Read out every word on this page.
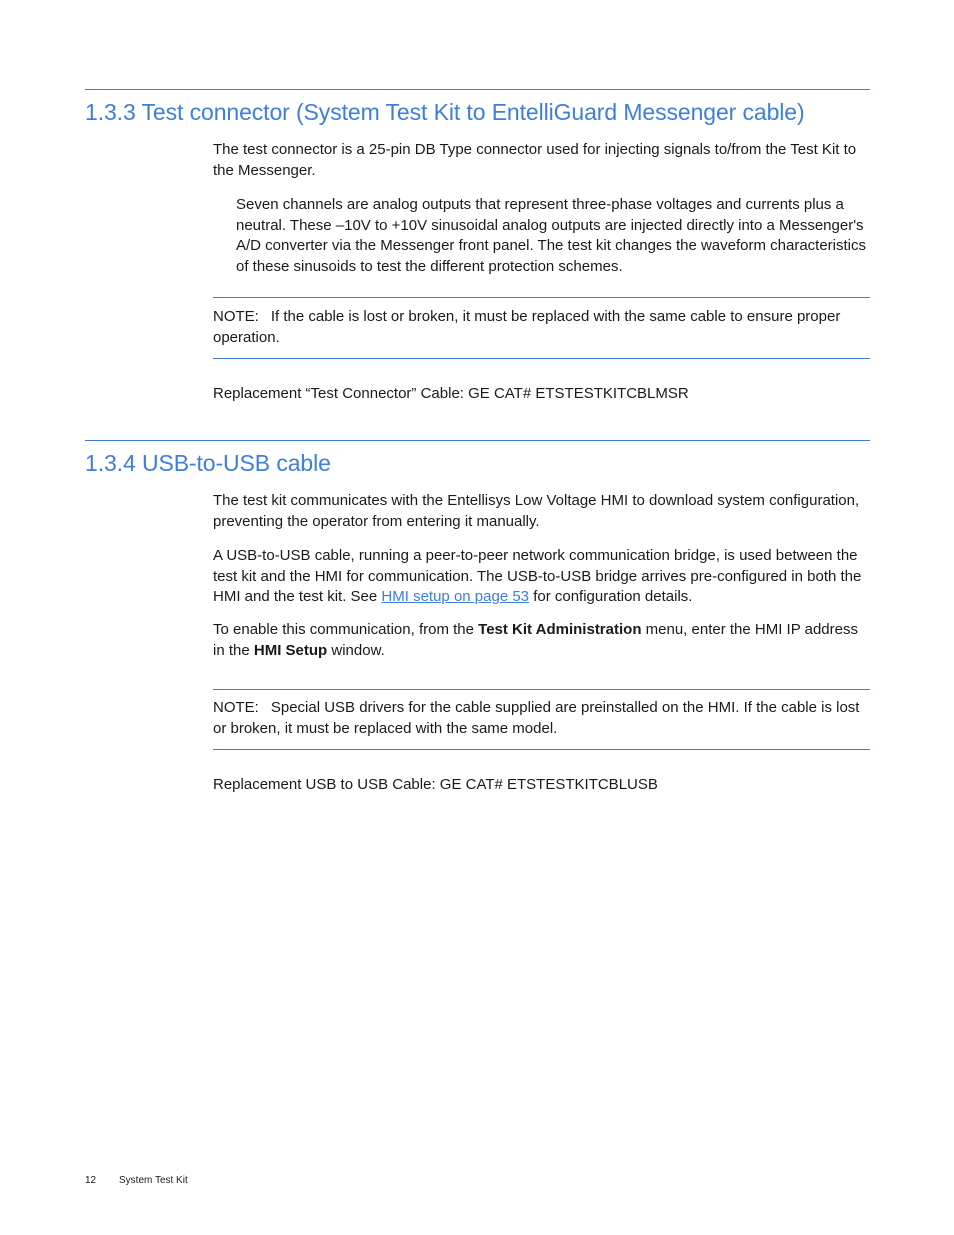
1.3.3 Test connector (System Test Kit to EntelliGuard Messenger cable)

The test connector is a 25-pin DB Type connector used for injecting signals to/from the Test Kit to the Messenger.

Seven channels are analog outputs that represent three-phase voltages and currents plus a neutral. These –10V to +10V sinusoidal analog outputs are injected directly into a Messenger's A/D converter via the Messenger front panel. The test kit changes the waveform characteristics of these sinusoids to test the different protection schemes.

NOTE: If the cable is lost or broken, it must be replaced with the same cable to ensure proper operation.

Replacement “Test Connector” Cable: GE CAT# ETSTESTKITCBLMSR

1.3.4 USB-to-USB cable

The test kit communicates with the Entellisys Low Voltage HMI to download system configuration, preventing the operator from entering it manually.

A USB-to-USB cable, running a peer-to-peer network communication bridge, is used between the test kit and the HMI for communication. The USB-to-USB bridge arrives pre-configured in both the HMI and the test kit. See HMI setup on page 53 for configuration details.

To enable this communication, from the Test Kit Administration menu, enter the HMI IP address in the HMI Setup window.

NOTE: Special USB drivers for the cable supplied are preinstalled on the HMI. If the cable is lost or broken, it must be replaced with the same model.

Replacement USB to USB Cable: GE CAT# ETSTESTKITCBLUSB

12 System Test Kit
